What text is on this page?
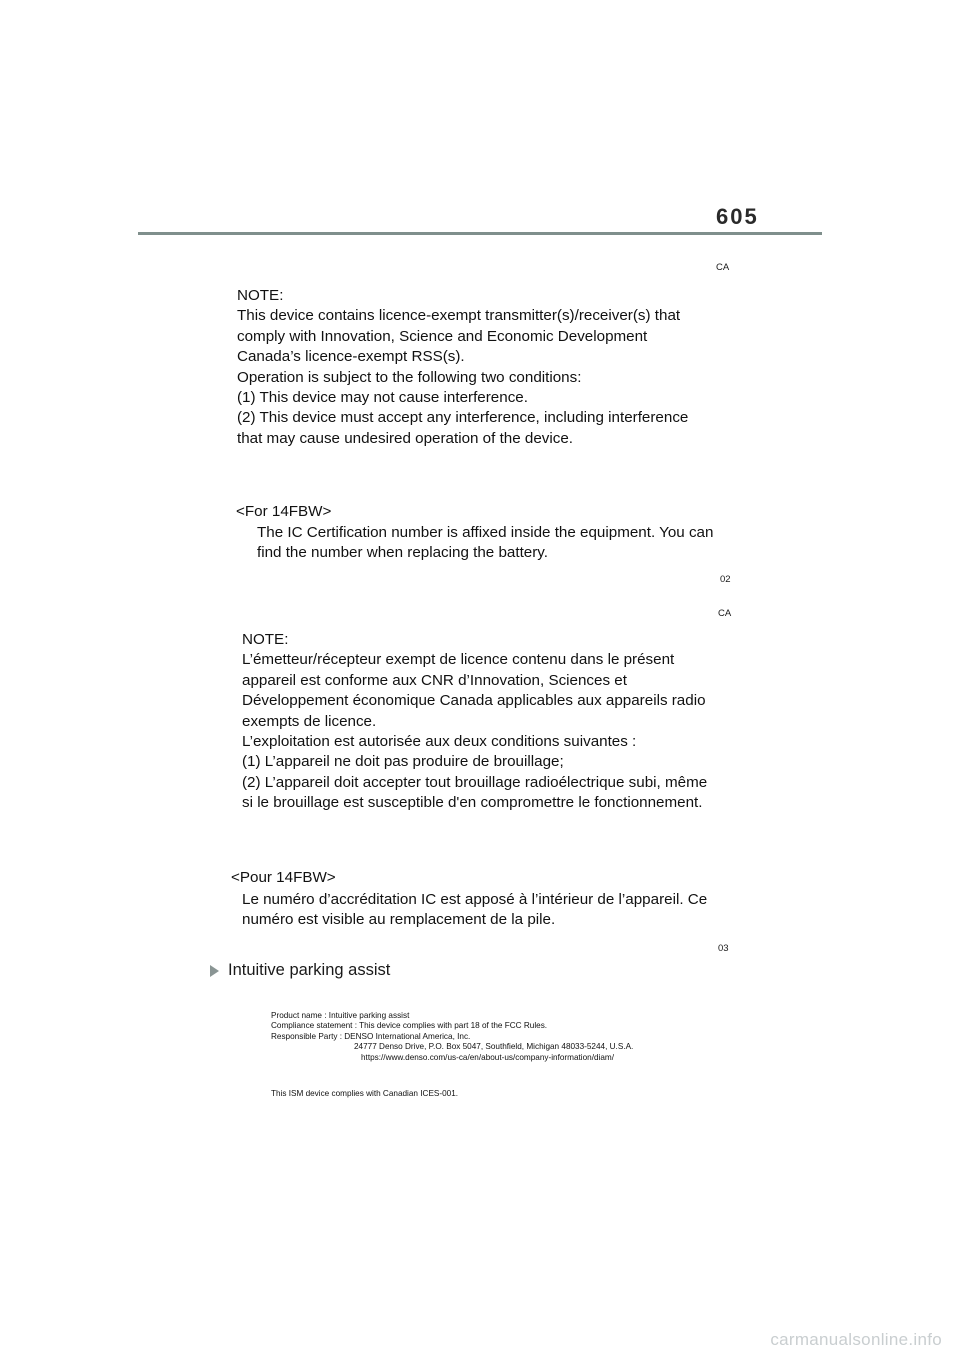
605
CA
NOTE:
This device contains licence-exempt transmitter(s)/receiver(s) that
comply with Innovation, Science and Economic Development
Canada’s licence-exempt RSS(s).
Operation is subject to the following two conditions:
(1) This device may not cause interference.
(2) This device must accept any interference, including interference
that may cause undesired operation of the device.
<For 14FBW>
The IC Certification number is affixed inside the equipment. You can
find the number when replacing the battery.
02
CA
NOTE:
L’émetteur/récepteur exempt de licence contenu dans le présent
appareil est conforme aux CNR d’Innovation, Sciences et
Développement économique Canada applicables aux appareils radio
exempts de licence.
L’exploitation est autorisée aux deux conditions suivantes :
(1) L’appareil ne doit pas produire de brouillage;
(2) L’appareil doit accepter tout brouillage radioélectrique subi, même
si le brouillage est susceptible d'en compromettre le fonctionnement.
<Pour 14FBW>
Le numéro d’accréditation IC est apposé à l’intérieur de l’appareil. Ce
numéro est visible au remplacement de la pile.
03
Intuitive parking assist
Product name : Intuitive parking assist
Compliance statement : This device complies with part 18 of the FCC Rules.
Responsible Party : DENSO International America, Inc.
24777 Denso Drive, P.O. Box 5047, Southfield, Michigan 48033-5244, U.S.A.
https://www.denso.com/us-ca/en/about-us/company-information/diam/
This ISM device complies with Canadian ICES-001.
carmanualsonline.info
